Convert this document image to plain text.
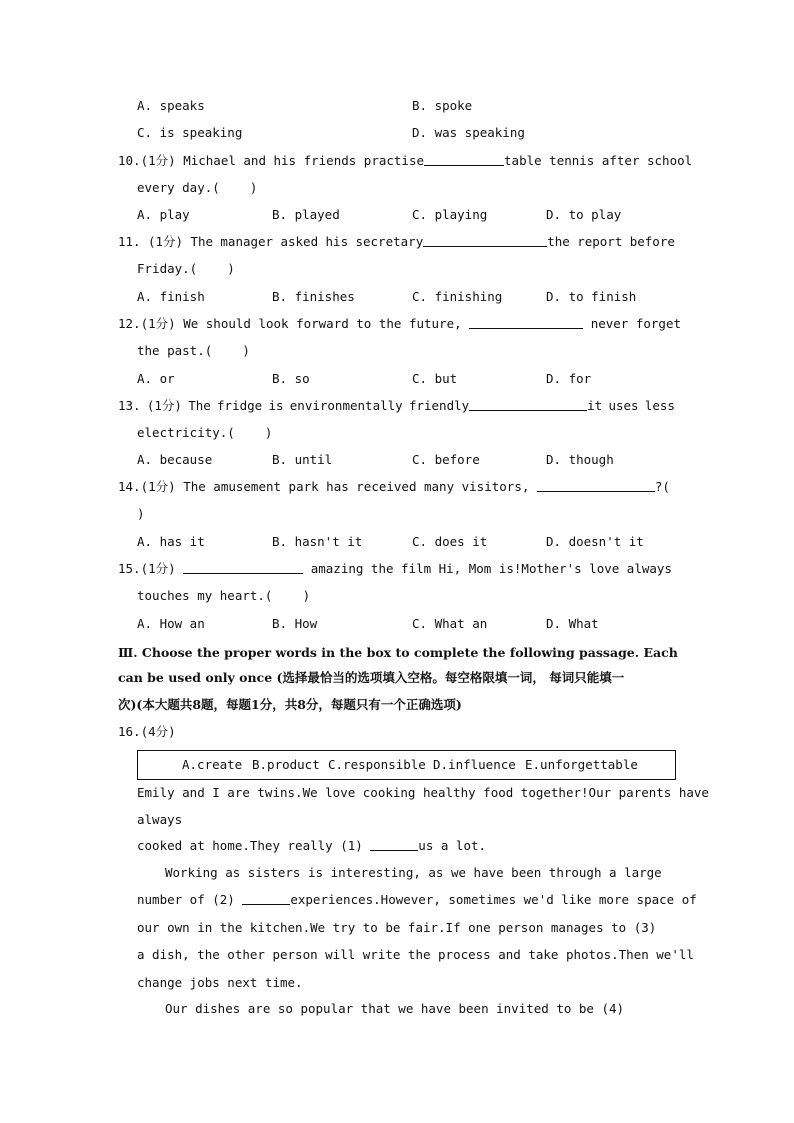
A. speaks	B. spoke
C. is speaking	D. was speaking
10.(1分) Michael and his friends practise	table tennis after school
every day.(    )
A. play	B. played	C. playing	D. to play
11. (1分) The manager asked his secretary	the report before
Friday.(    )
A. finish	B. finishes	C. finishing	D. to finish
12.(1分) We should look forward to the future,	never forget
the past.(    )
A. or	B. so	C. but	D. for
13. (1分) The fridge is environmentally friendly	it uses less
electricity.(    )
A. because	B. until	C. before	D. though
14.(1分) The amusement park has received many visitors,	?(
)
A. has it	B. hasn't it	C. does it	D. doesn't it
15.(1分)	amazing the film Hi, Mom is!Mother's love always
touches my heart.(    )
A. How an	B. How	C. What an	D. What
Ⅲ. Choose the proper words in the box to complete the following passage. Each
can be used only once (选择最恰当的选项填入空格。每空格限填一词， 每词只能填一
次)(本大题共8题，每题1分，共8分，每题只有一个正确选项)
16.(4分)
A.create B.product C.responsible D.influence E.unforgettable
Emily and I are twins.We love cooking healthy food together!Our parents have
always
cooked at home.They really (1)	us a lot.
Working as sisters is interesting, as we have been through a large
number of (2)	experiences.However, sometimes we'd like more space of
our own in the kitchen.We try to be fair.If one person manages to (3)
a dish, the other person will write the process and take photos.Then we'll
change jobs next time.
Our dishes are so popular that we have been invited to be (4)
